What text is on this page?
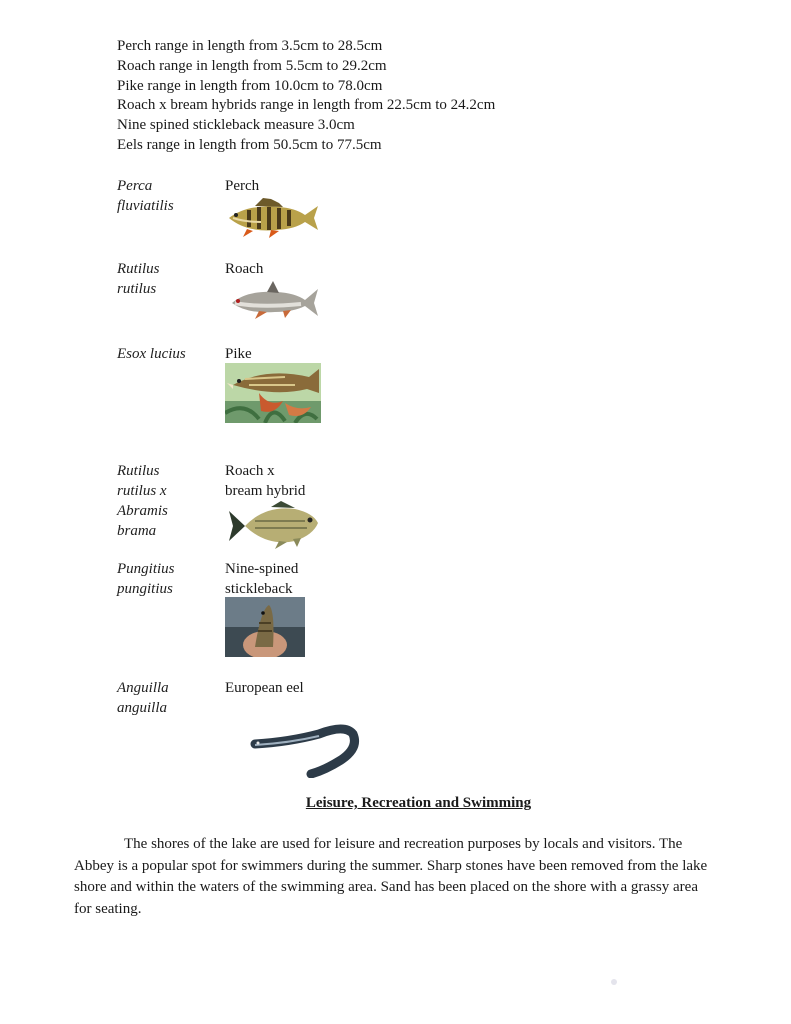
Perch range in length from 3.5cm to 28.5cm
Roach range in length from 5.5cm to 29.2cm
Pike range in length from 10.0cm to 78.0cm
Roach x bream hybrids range in length from 22.5cm to 24.2cm
Nine spined stickleback measure 3.0cm
Eels range in length from 50.5cm to 77.5cm
Perca
fluviatilis
Perch
Rutilus
rutilus
Roach
Esox lucius	Pike
Rutilus
rutilus x
Abramis
brama
Roach x
bream hybrid
Pungitius
pungitius
Nine-spined
stickleback
Anguilla
anguilla
European eel
Leisure, Recreation and Swimming

The shores of the lake are used for leisure and recreation purposes by locals and visitors. The Abbey is a popular spot for swimmers during the summer. Sharp stones have been removed from the lake shore and within the waters of the swimming area. Sand has been placed on the shore with a grassy area for seating.
